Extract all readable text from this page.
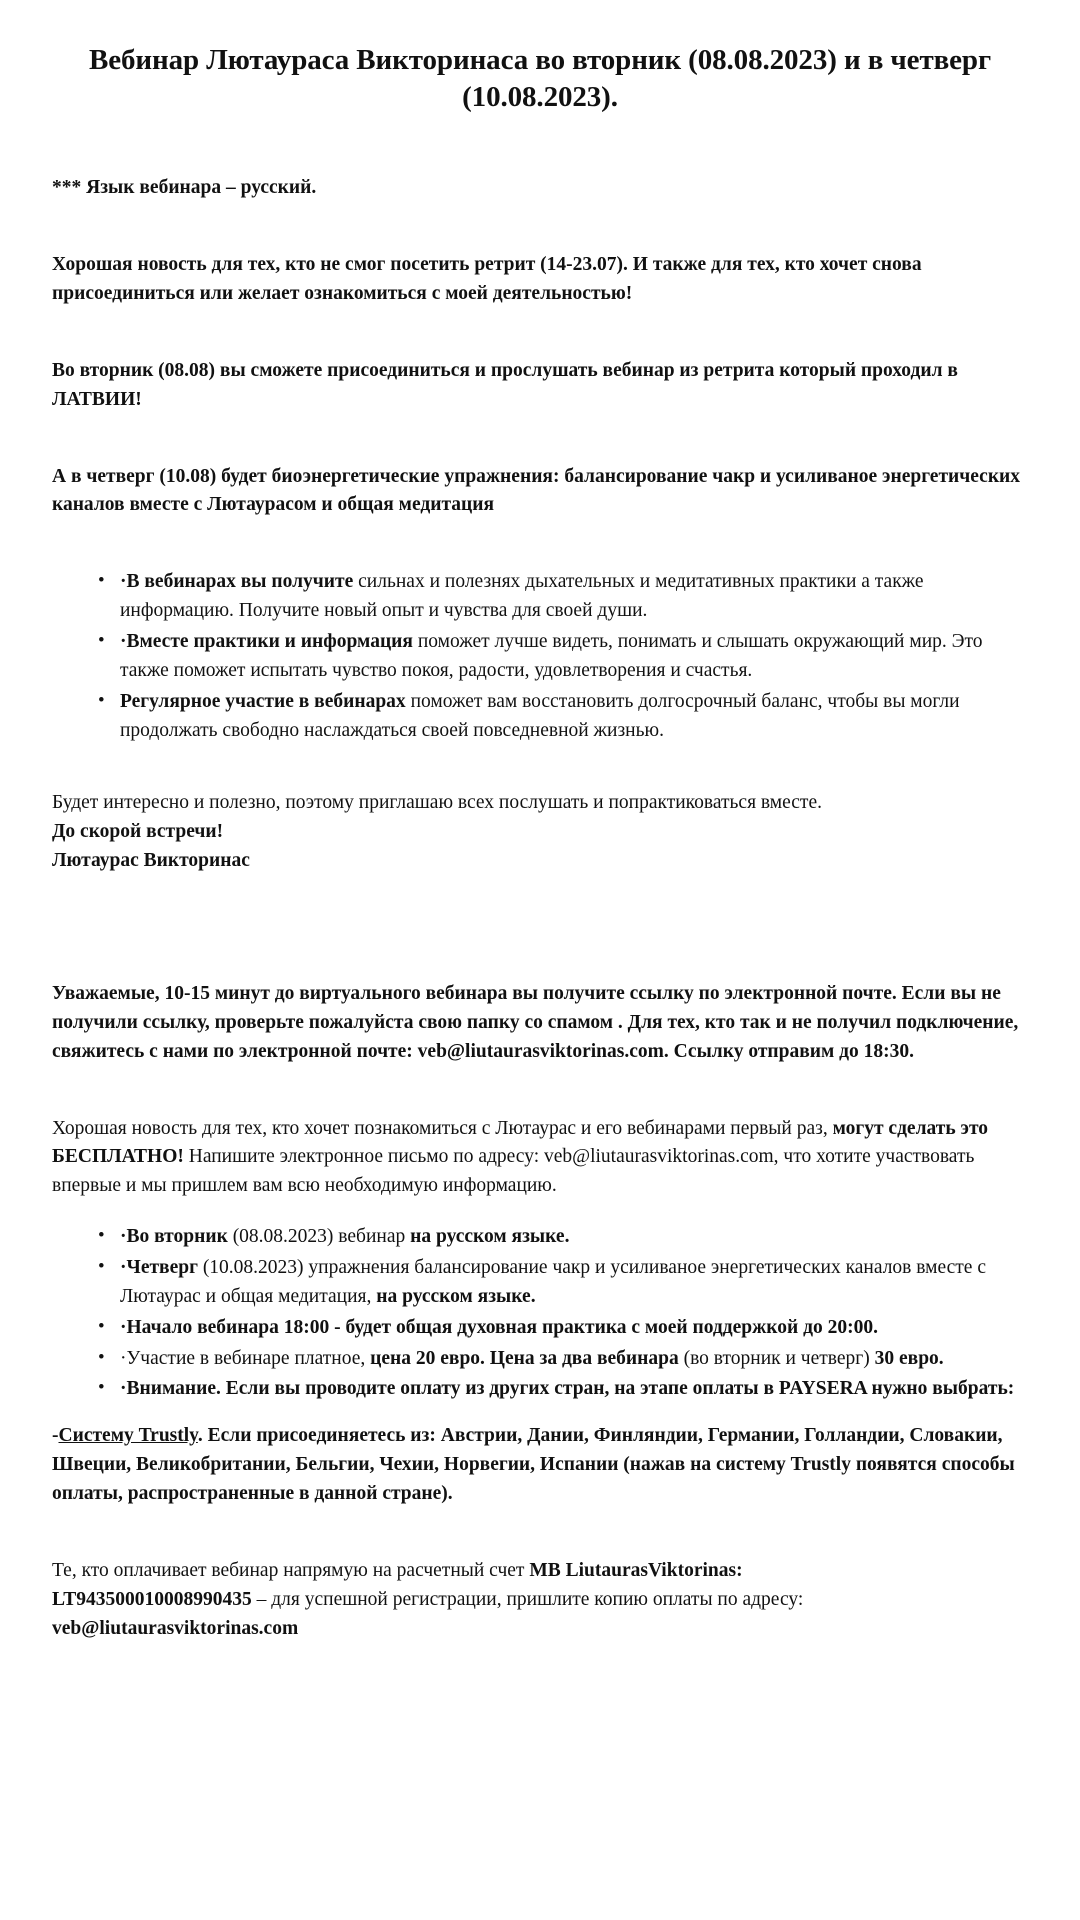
Вебинар Лютаураса Викторинаса во вторник (08.08.2023) и в четверг (10.08.2023).

*** Язык вебинара – русский.

Хорошая новость для тех, кто не смог посетить ретрит (14-23.07). И также для тех, кто хочет снова присоединиться или желает ознакомиться с моей деятельностью!

Во вторник (08.08) вы сможете присоединиться и прослушать вебинар из ретрита который проходил в ЛАТВИИ!

А в четверг (10.08) будет биоэнергетические упражнения: балансирование чакр и усиливаное энергетических каналов вместе с Лютаурасом и общая медитация

• ·В вебинарах вы получите сильнах и полезнях дыхательных и медитативных практики а также информацию. Получите новый опыт и чувства для своей души.
• ·Вместе практики и информация поможет лучше видеть, понимать и слышать окружающий мир. Это также поможет испытать чувство покоя, радости, удовлетворения и счастья.
• Регулярное участие в вебинарах поможет вам восстановить долгосрочный баланс, чтобы вы могли продолжать свободно наслаждаться своей повседневной жизнью.

Будет интересно и полезно, поэтому приглашаю всех послушать и попрактиковаться вместе.

До скорой встречи!

Лютаурас Викторинас

Уважаемые, 10-15 минут до виртуального вебинара вы получите ссылку по электронной почте. Если вы не получили ссылку, проверьте пожалуйста свою папку со спамом . Для тех, кто так и не получил подключение, свяжитесь с нами по электронной почте: veb@liutaurasviktorinas.com. Ссылку отправим до 18:30.

Хорошая новость для тех, кто хочет познакомиться с Лютаурас и его вебинарами первый раз, могут сделать это БЕСПЛАТНО! Напишите электронное письмо по адресу: veb@liutaurasviktorinas.com, что хотите участвовать впервые и мы пришлем вам всю необходимую информацию.

• ·Во вторник (08.08.2023) вебинар на русском языке.
• ·Четверг (10.08.2023) упражнения балансирование чакр и усиливаное энергетических каналов вместе с Лютаурас и общая медитация, на русском языке.
• ·Начало вебинара 18:00 - будет общая духовная практика с моей поддержкой до 20:00.
• ·Участие в вебинаре платное, цена 20 евро. Цена за два вебинара (во вторник и четверг) 30 евро.
• ·Внимание. Если вы проводите оплату из других стран, на этапе оплаты в PAYSERA нужно выбрать:

-Систему Trustly. Если присоединяетесь из: Австрии, Дании, Финляндии, Германии, Голландии, Словакии, Швеции, Великобритании, Бельгии, Чехии, Норвегии, Испании (нажав на систему Trustly появятся способы оплаты, распространенные в данной стране).

Те, кто оплачивает вебинар напрямую на расчетный счет MB LiutaurasViktorinas:
LT943500010008990435 – для успешной регистрации, пришлите копию оплаты по адресу:
veb@liutaurasviktorinas.com
